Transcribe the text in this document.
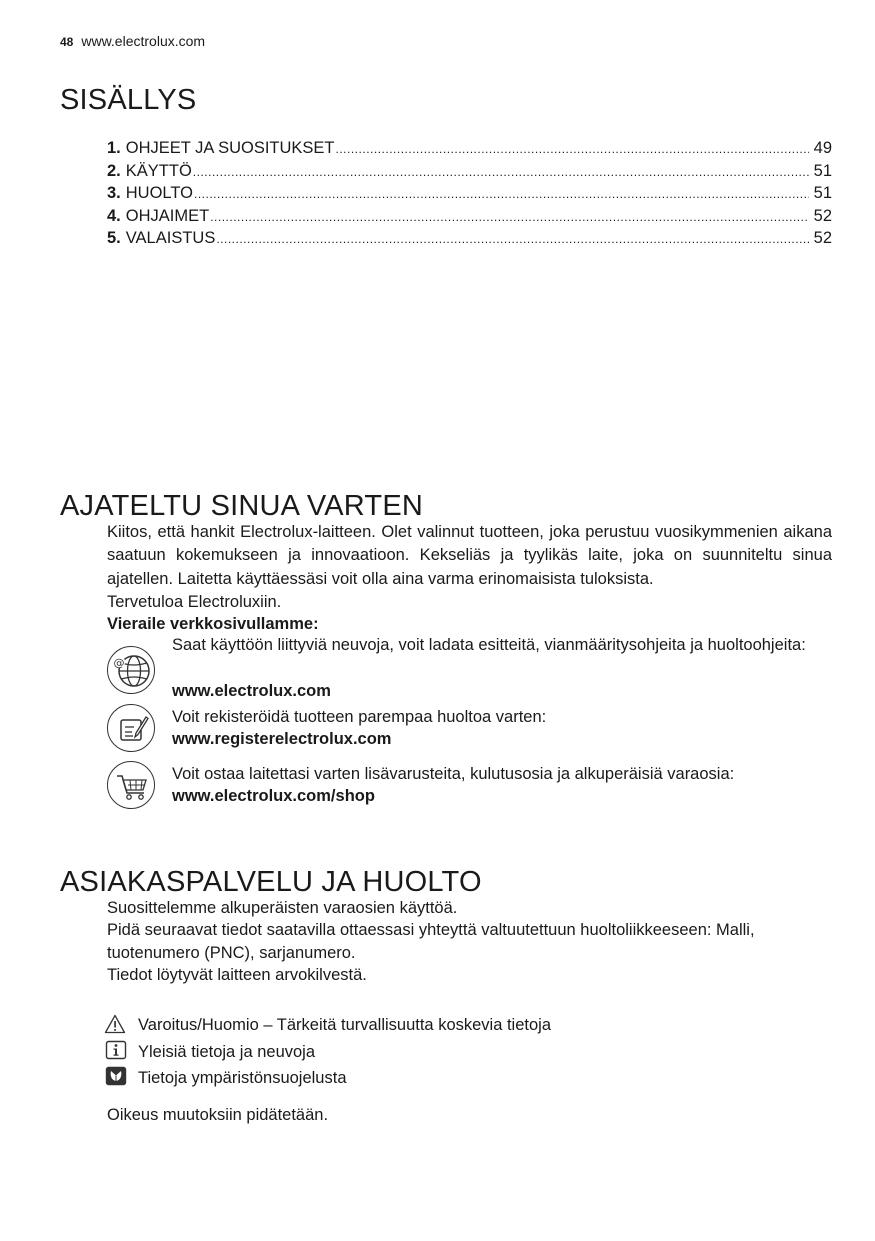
48 www.electrolux.com
SISÄLLYS
1. OHJEET JA SUOSITUKSET .....	49
2. KÄYTTÖ .....	51
3. HUOLTO .....	51
4. OHJAIMET .....	52
5. VALAISTUS .....	52
AJATELTU SINUA VARTEN
Kiitos, että hankit Electrolux-laitteen. Olet valinnut tuotteen, joka perustuu vuosikymmenien aikana saatuun kokemukseen ja innovaatioon. Kekseliäs ja tyylikäs laite, joka on suunniteltu sinua ajatellen. Laitetta käyttäessäsi voit olla aina varma erinomaisista tuloksista.
Tervetuloa Electroluxiin.
Vieraile verkkosivullamme:
@
Saat käyttöön liittyviä neuvoja, voit ladata esitteitä, vianmääritysohjeita ja huoltoohjeita:
www.electrolux.com
Voit rekisteröidä tuotteen parempaa huoltoa varten:
www.registerelectrolux.com
Voit ostaa laitettasi varten lisävarusteita, kulutusosia ja alkuperäisiä varaosia:
www.electrolux.com/shop
ASIAKASPALVELU JA HUOLTO
Suosittelemme alkuperäisten varaosien käyttöä.
Pidä seuraavat tiedot saatavilla ottaessasi yhteyttä valtuutettuun huoltoliikkeeseen: Malli, tuotenumero (PNC), sarjanumero.
Tiedot löytyvät laitteen arvokilvestä.
Varoitus/Huomio – Tärkeitä turvallisuutta koskevia tietoja
Yleisiä tietoja ja neuvoja
Tietoja ympäristönsuojelusta
Oikeus muutoksiin pidätetään.
